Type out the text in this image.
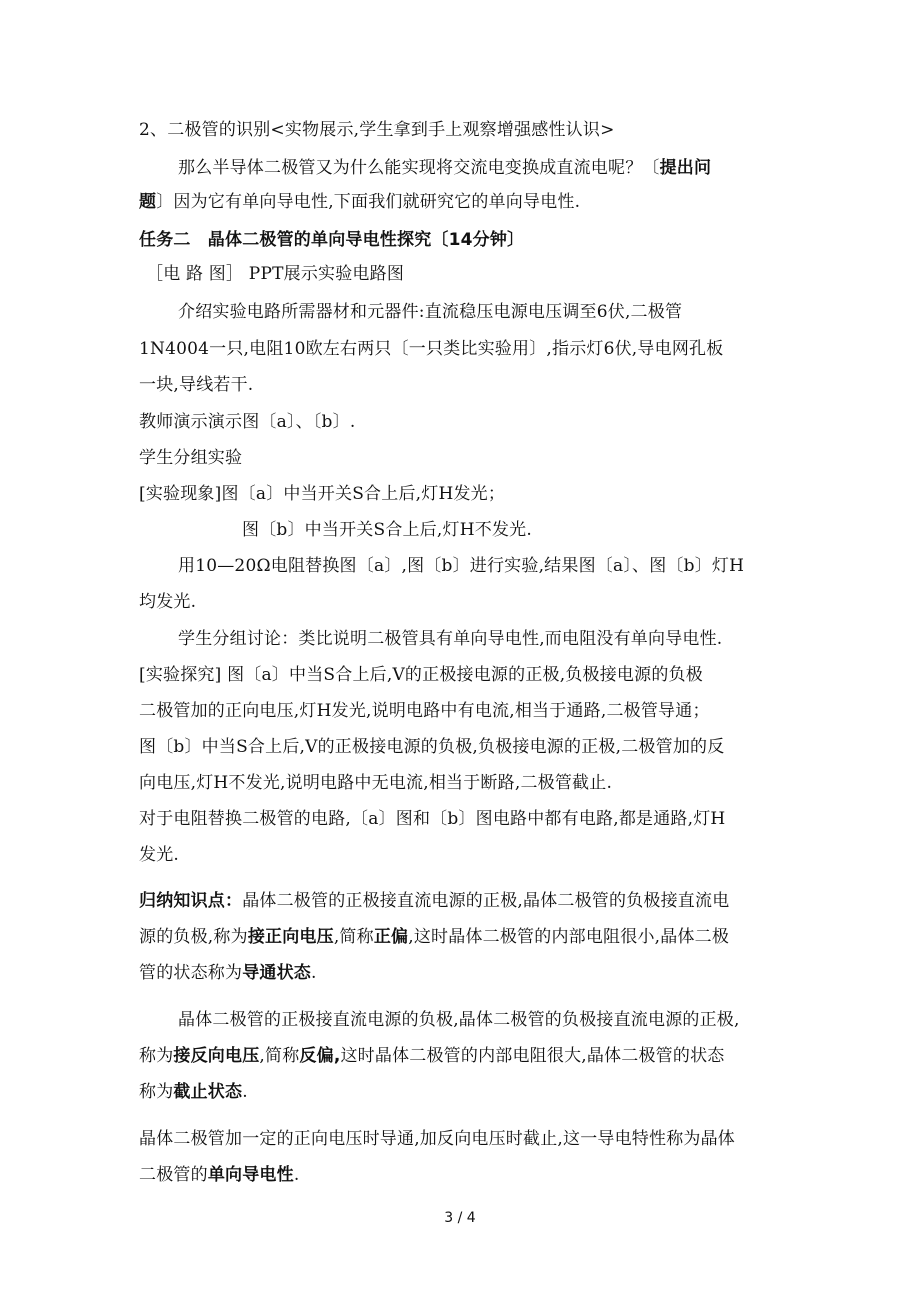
2、二极管的识别<实物展示,学生拿到手上观察增强感性认识>
那么半导体二极管又为什么能实现将交流电变换成直流电呢？〔提出问
题〕因为它有单向导电性,下面我们就研究它的单向导电性.
任务二　晶体二极管的单向导电性探究〔14分钟〕
［电 路 图］ PPT展示实验电路图
介绍实验电路所需器材和元器件:直流稳压电源电压调至6伏,二极管
1N4004一只,电阻10欧左右两只〔一只类比实验用〕,指示灯6伏,导电网孔板
一块,导线若干.
教师演示演示图〔a〕、〔b〕.
学生分组实验
[实验现象]图〔a〕中当开关S合上后,灯H发光；
图〔b〕中当开关S合上后,灯H不发光.
用10—20Ω电阻替换图〔a〕,图〔b〕进行实验,结果图〔a〕、图〔b〕灯H
均发光.
学生分组讨论：类比说明二极管具有单向导电性,而电阻没有单向导电性.
[实验探究] 图〔a〕中当S合上后,V的正极接电源的正极,负极接电源的负极
二极管加的正向电压,灯H发光,说明电路中有电流,相当于通路,二极管导通；
图〔b〕中当S合上后,V的正极接电源的负极,负极接电源的正极,二极管加的反
向电压,灯H不发光,说明电路中无电流,相当于断路,二极管截止.
对于电阻替换二极管的电路,〔a〕图和〔b〕图电路中都有电路,都是通路,灯H
发光.
归纳知识点：晶体二极管的正极接直流电源的正极,晶体二极管的负极接直流电
源的负极,称为接正向电压,简称正偏,这时晶体二极管的内部电阻很小,晶体二极
管的状态称为导通状态.
晶体二极管的正极接直流电源的负极,晶体二极管的负极接直流电源的正极,
称为接反向电压,简称反偏,这时晶体二极管的内部电阻很大,晶体二极管的状态
称为截止状态.
晶体二极管加一定的正向电压时导通,加反向电压时截止,这一导电特性称为晶体
二极管的单向导电性.
3 / 4
